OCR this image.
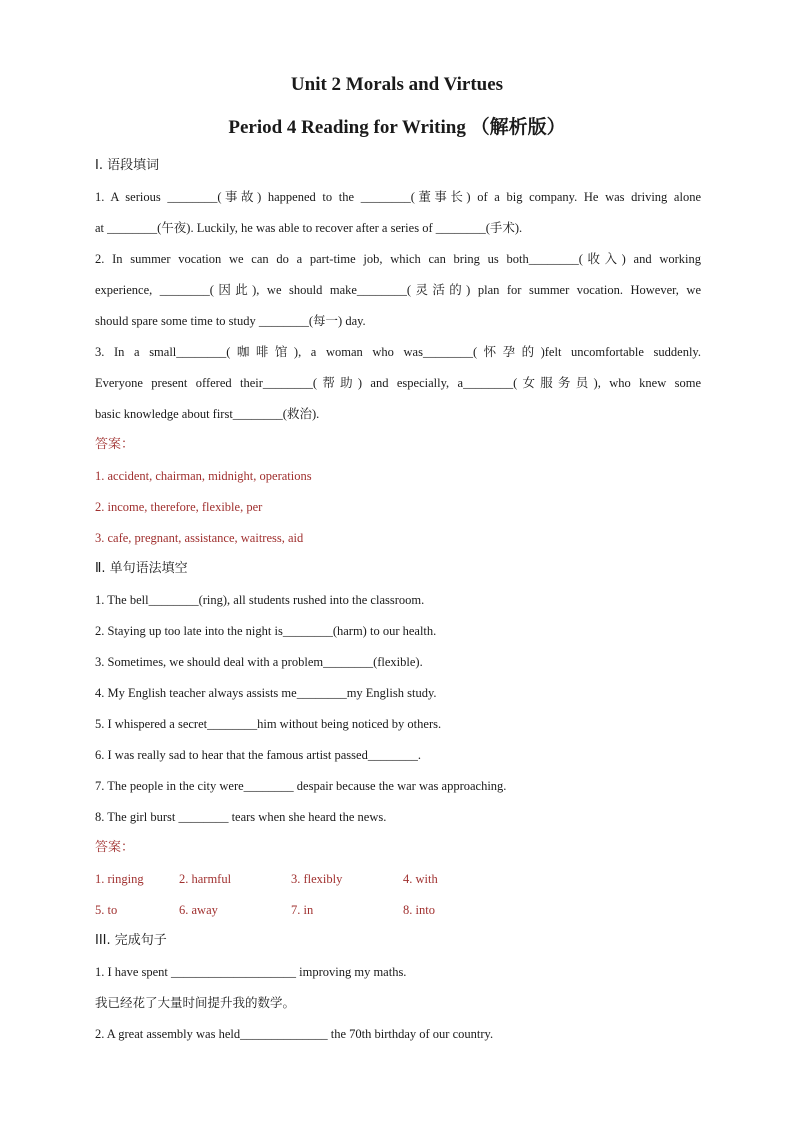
Unit 2 Morals and Virtues
Period 4 Reading for Writing （解析版）
Ⅰ. 语段填词
1. A serious ________(事故) happened to the ________(董事长) of a big company. He was driving alone
at ________(午夜). Luckily, he was able to recover after a series of ________(手术).
2. In summer vocation we can do a part-time job, which can bring us both________(收入) and working
experience, ________(因此), we should make________(灵活的) plan for summer vocation. However, we
should spare some time to study ________(每一) day.
3. In a small________(咖啡馆), a woman who was________(怀孕的)felt uncomfortable suddenly.
Everyone present offered their________(帮助) and especially, a________(女服务员), who knew some
basic knowledge about first________(救治).
答案：
1. accident, chairman, midnight, operations
2. income, therefore, flexible, per
3. cafe, pregnant, assistance, waitress, aid
Ⅱ. 单句语法填空
1. The bell________(ring), all students rushed into the classroom.
2. Staying up too late into the night is________(harm) to our health.
3. Sometimes, we should deal with a problem________(flexible).
4. My English teacher always assists me________my English study.
5. I whispered a secret________him without being noticed by others.
6. I was really sad to hear that the famous artist passed________.
7. The people in the city were________ despair because the war was approaching.
8. The girl burst ________ tears when she heard the news.
答案：
1. ringing	2. harmful	3. flexibly	4. with
5. to	6. away	7. in	8. into
III. 完成句子
1. I have spent ____________________ improving my maths.
我已经花了大量时间提升我的数学。
2. A great assembly was held______________ the 70th birthday of our country.
